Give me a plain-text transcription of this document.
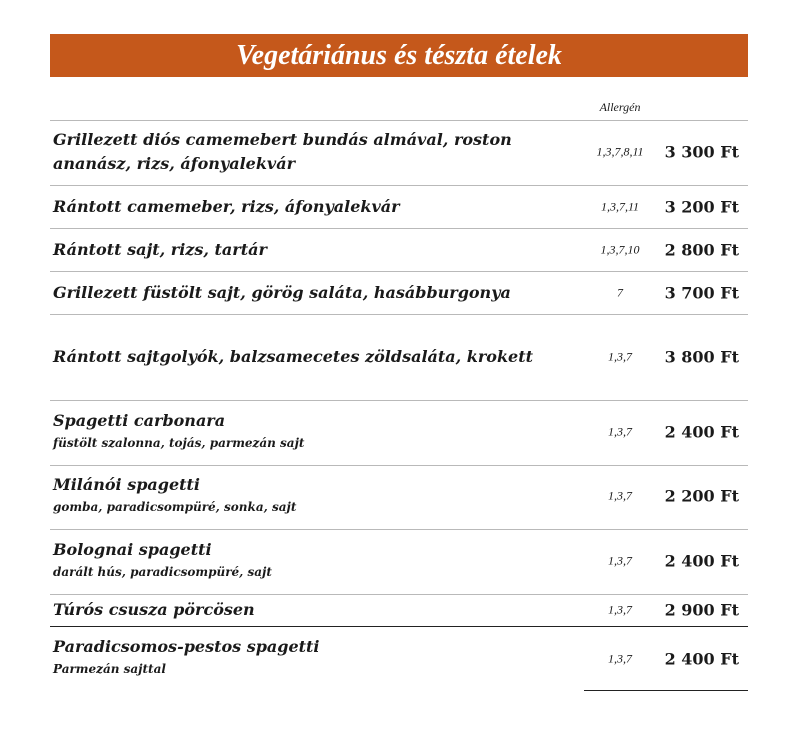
Vegetáriánus és tészta ételek
Allergén
Grillezett diós camemebert bundás almával, roston ananász, rizs, áfonyalekvár
1,3,7,8,11	3 300 Ft
Rántott camemeber, rizs, áfonyalekvár	1,3,7,11	3 200 Ft
Rántott sajt, rizs, tartár	1,3,7,10	2 800 Ft
Grillezett füstölt sajt, görög saláta, hasábburgonya	7	3 700 Ft
Rántott sajtgolyók, balzsamecetes zöldsaláta, krokett	1,3,7	3 800 Ft
Spagetti carbonara
füstölt szalonna, tojás, parmezán sajt
1,3,7	2 400 Ft
Milánói spagetti
gomba, paradicsompüré, sonka, sajt
1,3,7	2 200 Ft
Bolognai spagetti
darált hús, paradicsompüré, sajt
1,3,7	2 400 Ft
Túrós csusza pörcösen	1,3,7	2 900 Ft
Paradicsomos-pestos spagetti
Parmezán sajttal
1,3,7	2 400 Ft
